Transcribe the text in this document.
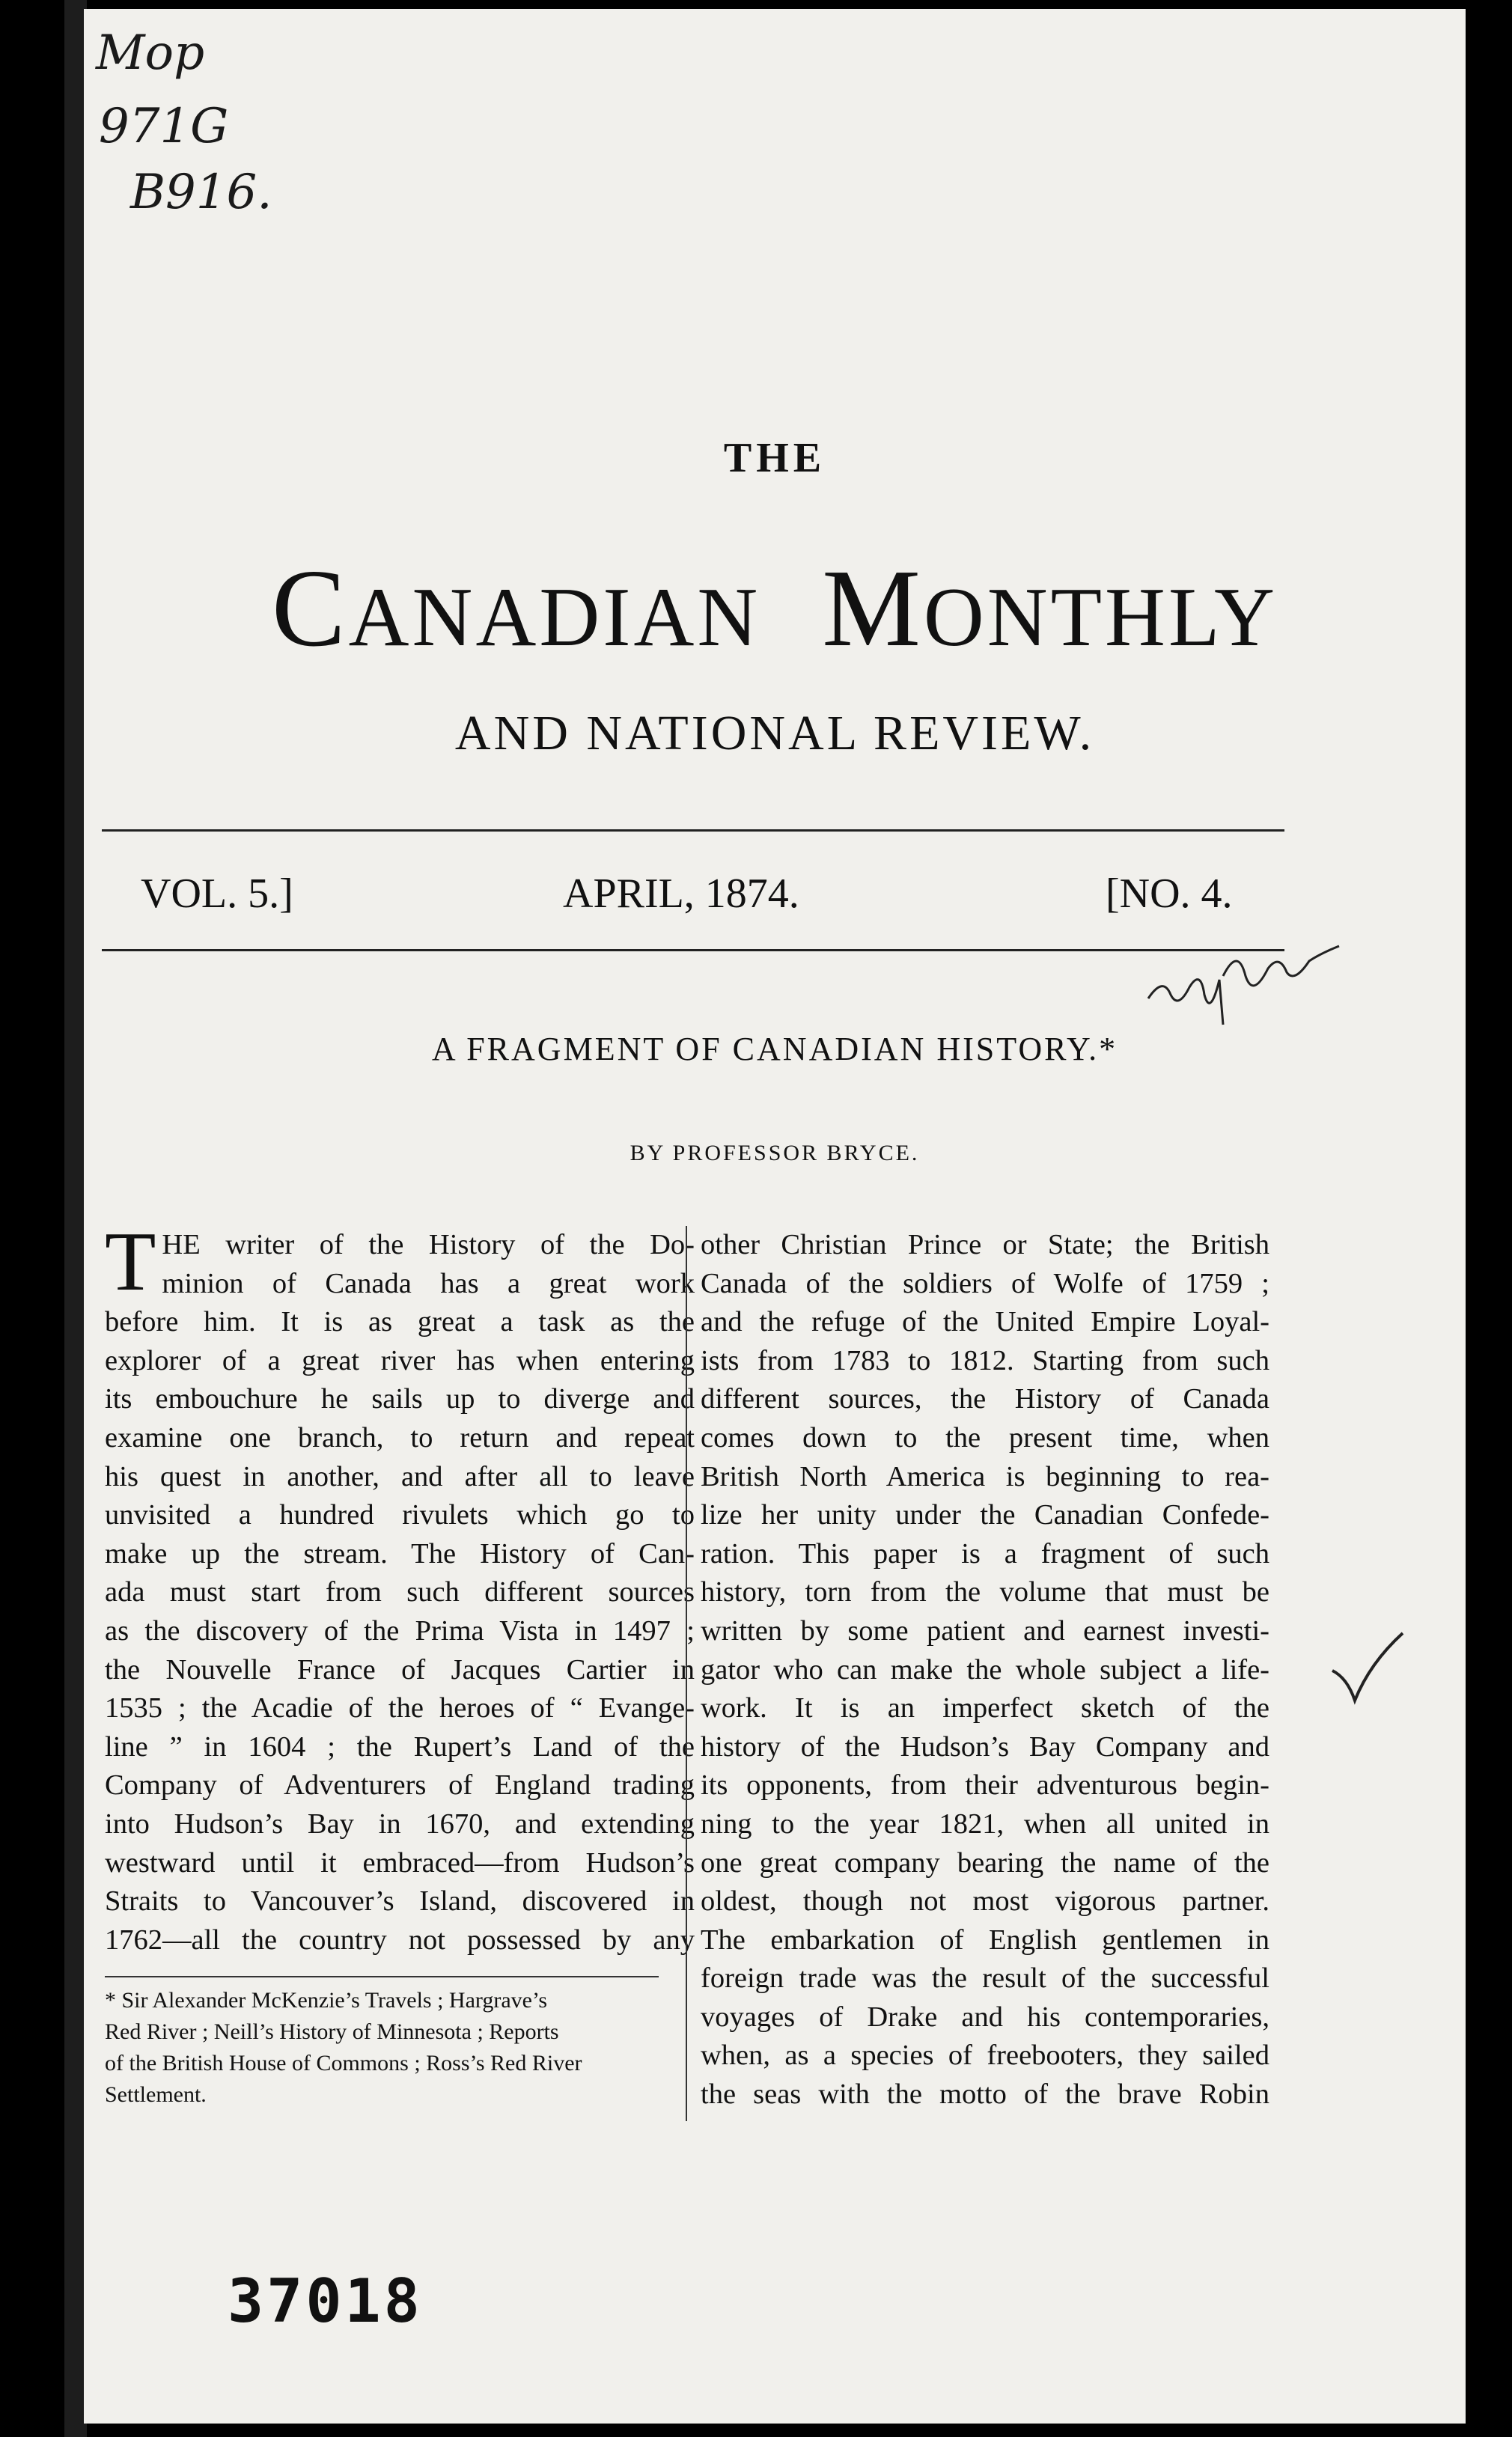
Mop
971G
B916.
THE
CANADIAN MONTHLY
AND NATIONAL REVIEW.
VOL. 5.]	APRIL, 1874.	[NO. 4.
A FRAGMENT OF CANADIAN HISTORY.*
BY PROFESSOR BRYCE.
T HE writer of the History of the Do-
minion of Canada has a great work
before him. It is as great a task as the
explorer of a great river has when entering
its embouchure he sails up to diverge and
examine one branch, to return and repeat
his quest in another, and after all to leave
unvisited a hundred rivulets which go to
make up the stream. The History of Can-
ada must start from such different sources
as the discovery of the Prima Vista in 1497 ;
the Nouvelle France of Jacques Cartier in
1535 ; the Acadie of the heroes of “ Evange-
line ” in 1604 ; the Rupert’s Land of the
Company of Adventurers of England trading
into Hudson’s Bay in 1670, and extending
westward until it embraced—from Hudson’s
Straits to Vancouver’s Island, discovered in
1762—all the country not possessed by any
other Christian Prince or State; the British
Canada of the soldiers of Wolfe of 1759 ;
and the refuge of the United Empire Loyal-
ists from 1783 to 1812. Starting from such
different sources, the History of Canada
comes down to the present time, when
British North America is beginning to rea-
lize her unity under the Canadian Confede-
ration. This paper is a fragment of such
history, torn from the volume that must be
written by some patient and earnest investi-
gator who can make the whole subject a life-
work. It is an imperfect sketch of the
history of the Hudson’s Bay Company and
its opponents, from their adventurous begin-
ning to the year 1821, when all united in
one great company bearing the name of the
oldest, though not most vigorous partner.
The embarkation of English gentlemen in
foreign trade was the result of the successful
voyages of Drake and his contemporaries,
when, as a species of freebooters, they sailed
the seas with the motto of the brave Robin
* Sir Alexander McKenzie’s Travels ; Hargrave’s
Red River ; Neill’s History of Minnesota ; Reports
of the British House of Commons ; Ross’s Red River
Settlement.
37018
